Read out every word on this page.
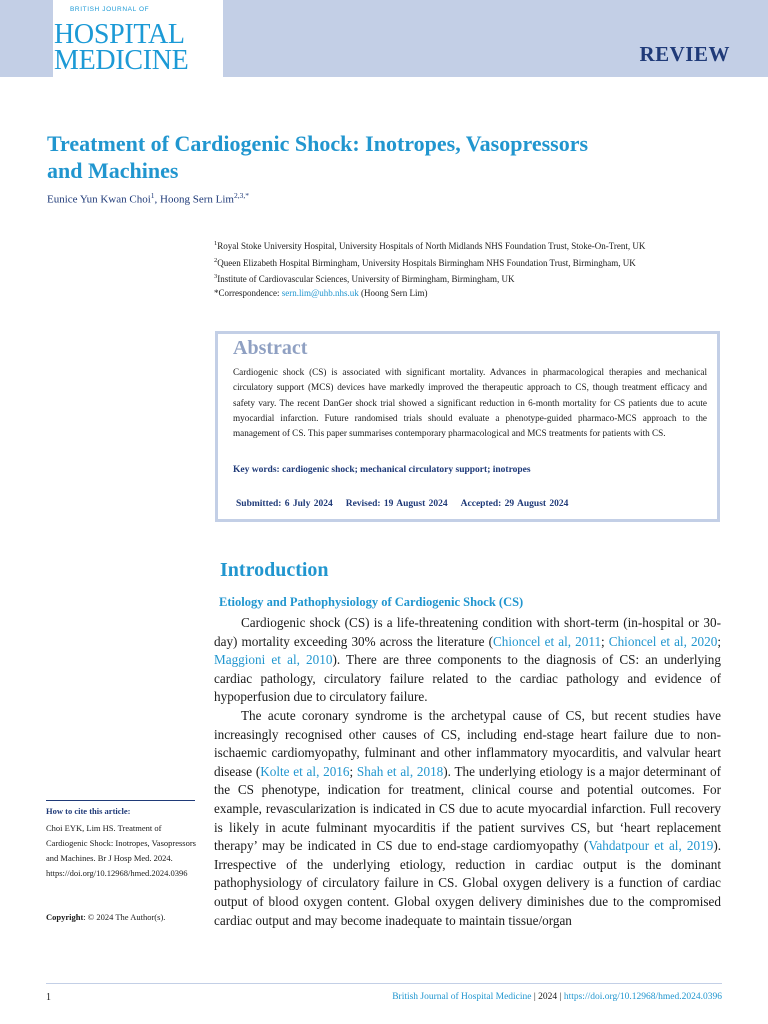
BRITISH JOURNAL OF
HOSPITAL
MEDICINE	REVIEW
Treatment of Cardiogenic Shock: Inotropes, Vasopressors
and Machines
Eunice Yun Kwan Choi$^1$, Hoong Sern Lim$^{2,3,*}$
$^1$Royal Stoke University Hospital, University Hospitals of North Midlands NHS Foundation Trust, Stoke-On-Trent, UK
$^2$Queen Elizabeth Hospital Birmingham, University Hospitals Birmingham NHS Foundation Trust, Birmingham, UK
$^3$Institute of Cardiovascular Sciences, University of Birmingham, Birmingham, UK
*Correspondence: sern.lim@uhb.nhs.uk (Hoong Sern Lim)
Abstract
Cardiogenic shock (CS) is associated with significant mortality. Advances in pharmacological therapies and mechanical circulatory support (MCS) devices have markedly improved the therapeutic approach to CS, though treatment efficacy and safety vary. The recent DanGer shock trial showed a significant reduction in 6-month mortality for CS patients due to acute myocardial infarction. Future randomised trials should evaluate a phenotype-guided pharmaco-MCS approach to the management of CS. This paper summarises contemporary pharmacological and MCS treatments for patients with CS.
Key words: cardiogenic shock; mechanical circulatory support; inotropes
Submitted: 6 July 2024 Revised: 19 August 2024 Accepted: 29 August 2024
Introduction
Etiology and Pathophysiology of Cardiogenic Shock (CS)

Cardiogenic shock (CS) is a life-threatening condition with short-term (in-hospital or 30-day) mortality exceeding 30% across the literature (Chioncel et al, 2011; Chioncel et al, 2020; Maggioni et al, 2010). There are three components to the diagnosis of CS: an underlying cardiac pathology, circulatory failure related to the cardiac pathology and evidence of hypoperfusion due to circulatory failure.

The acute coronary syndrome is the archetypal cause of CS, but recent studies have increasingly recognised other causes of CS, including end-stage heart failure due to non-ischaemic cardiomyopathy, fulminant and other inflammatory myocarditis, and valvular heart disease (Kolte et al, 2016; Shah et al, 2018). The underlying etiology is a major determinant of the CS phenotype, indication for treatment, clinical course and potential outcomes. For example, revascularization is indicated in CS due to acute myocardial infarction. Full recovery is likely in acute fulminant myocarditis if the patient survives CS, but ‘heart replacement therapy’ may be indicated in CS due to end-stage cardiomyopathy (Vahdatpour et al, 2019). Irrespective of the underlying etiology, reduction in cardiac output is the dominant pathophysiology of circulatory failure in CS. Global oxygen delivery is a function of cardiac output of blood oxygen content. Global oxygen delivery diminishes due to the compromised cardiac output and may become inadequate to maintain tissue/organ

How to cite this article:
Choi EYK, Lim HS. Treatment of Cardiogenic Shock: Inotropes, Vasopressors and Machines. Br J Hosp Med. 2024. https://doi.org/10.12968/hmed.2024.0396
Copyright: © 2024 The Author(s).
1	British Journal of Hospital Medicine | 2024 | https://doi.org/10.12968/hmed.2024.0396
